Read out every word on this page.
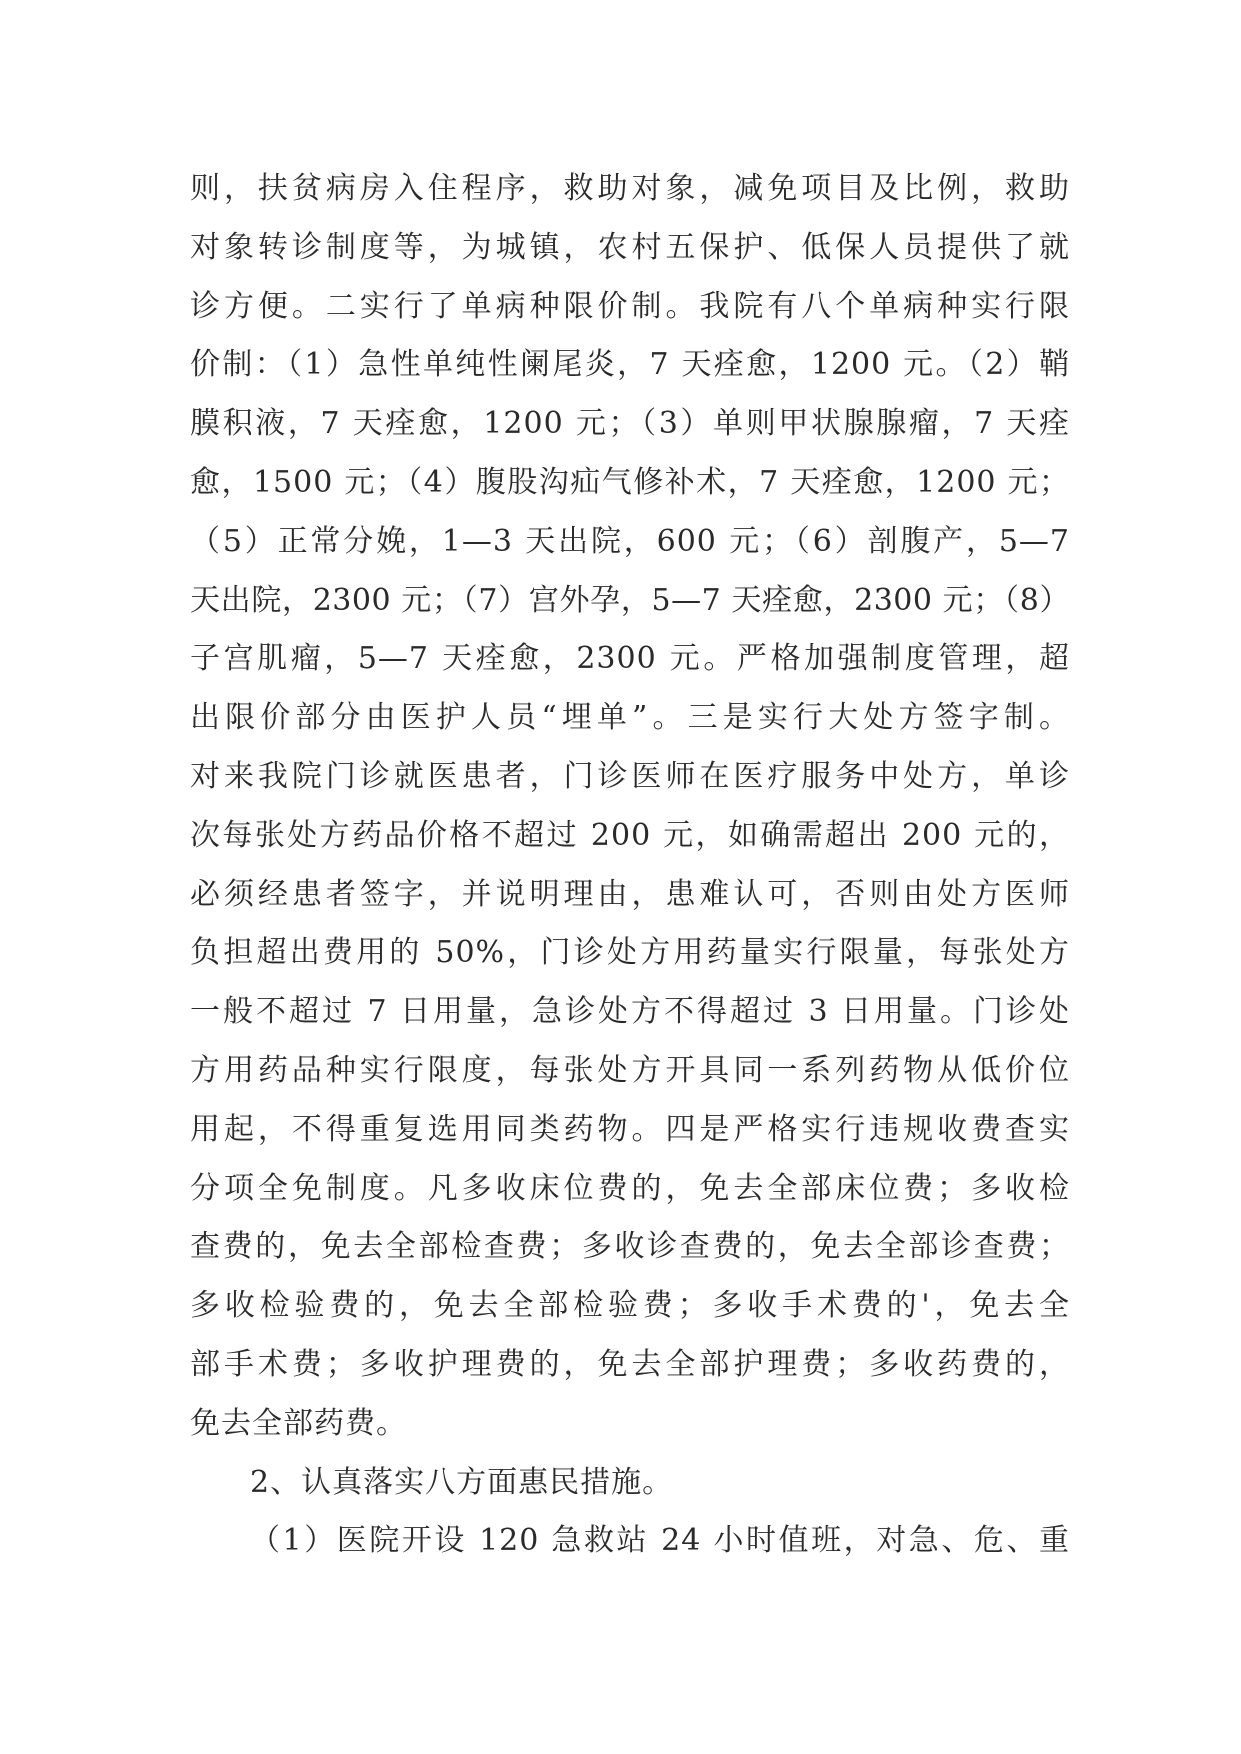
则，扶贫病房入住程序，救助对象，减免项目及比例，救助
对象转诊制度等，为城镇，农村五保护、低保人员提供了就
诊方便。二实行了单病种限价制。我院有八个单病种实行限
价制：（1）急性单纯性阑尾炎，7 天痊愈，1200 元。（2）鞘
膜积液，7 天痊愈，1200 元；（3）单则甲状腺腺瘤，7 天痊
愈，1500 元；（4）腹股沟疝气修补术，7 天痊愈，1200 元；
（5）正常分娩，1—3 天出院，600 元；（6）剖腹产，5—7
天出院，2300 元；（7）宫外孕，5—7 天痊愈，2300 元；（8）
子宫肌瘤，5—7 天痊愈，2300 元。严格加强制度管理，超
出限价部分由医护人员“埋单”。三是实行大处方签字制。
对来我院门诊就医患者，门诊医师在医疗服务中处方，单诊
次每张处方药品价格不超过 200 元，如确需超出 200 元的，
必须经患者签字，并说明理由，患难认可，否则由处方医师
负担超出费用的 50%，门诊处方用药量实行限量，每张处方
一般不超过 7 日用量，急诊处方不得超过 3 日用量。门诊处
方用药品种实行限度，每张处方开具同一系列药物从低价位
用起，不得重复选用同类药物。四是严格实行违规收费查实
分项全免制度。凡多收床位费的，免去全部床位费；多收检
查费的，免去全部检查费；多收诊查费的，免去全部诊查费；
多收检验费的，免去全部检验费；多收手术费的'，免去全
部手术费；多收护理费的，免去全部护理费；多收药费的，
免去全部药费。
2、认真落实八方面惠民措施。
（1）医院开设 120 急救站 24 小时值班，对急、危、重
